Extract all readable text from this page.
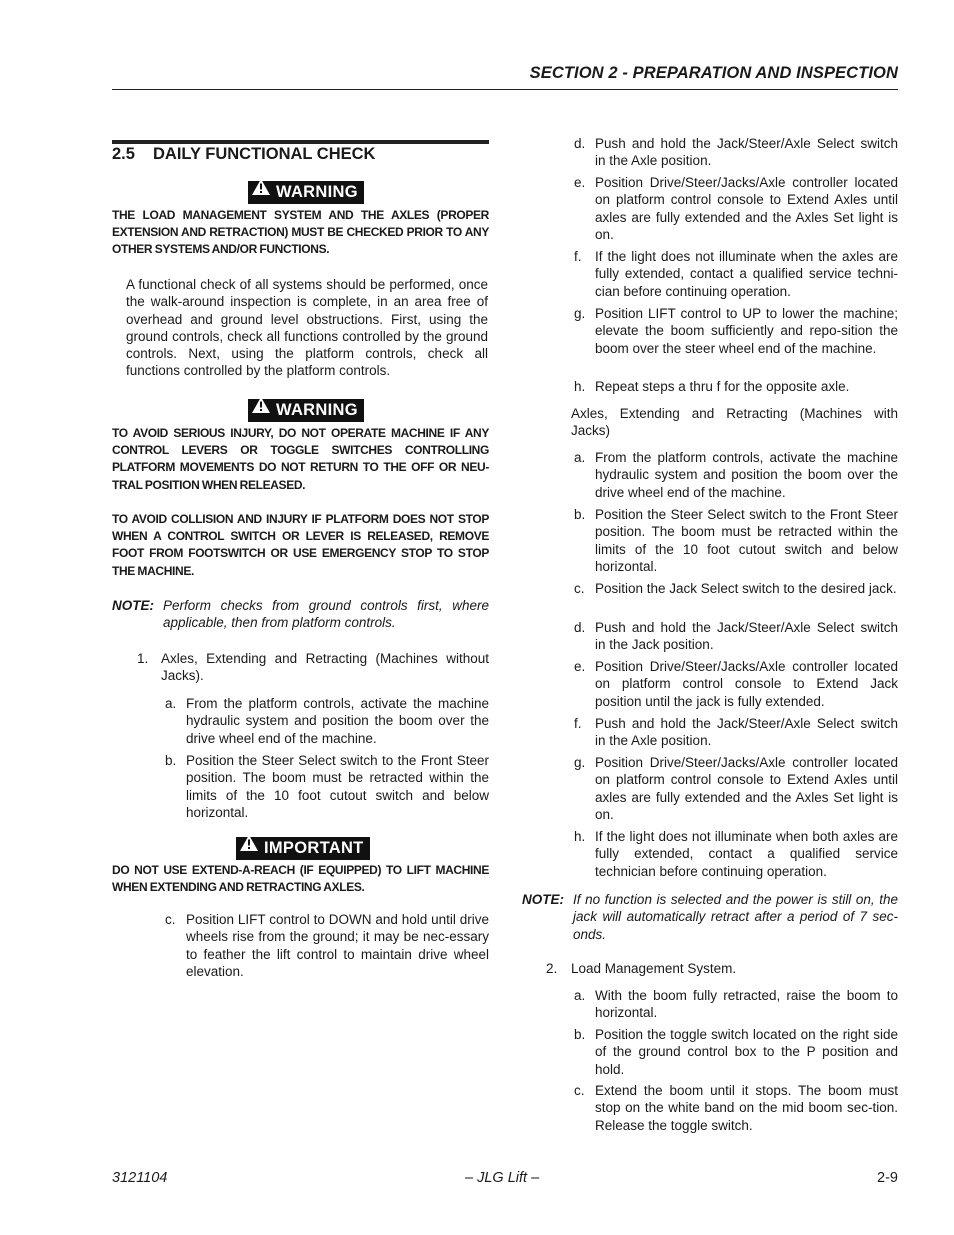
SECTION 2 - PREPARATION AND INSPECTION
2.5 DAILY FUNCTIONAL CHECK
WARNING
THE LOAD MANAGEMENT SYSTEM AND THE AXLES (PROPER EXTENSION AND RETRACTION) MUST BE CHECKED PRIOR TO ANY OTHER SYSTEMS AND/OR FUNCTIONS.
A functional check of all systems should be performed, once the walk-around inspection is complete, in an area free of overhead and ground level obstructions. First, using the ground controls, check all functions controlled by the ground controls. Next, using the platform controls, check all functions controlled by the platform controls.
WARNING
TO AVOID SERIOUS INJURY, DO NOT OPERATE MACHINE IF ANY CONTROL LEVERS OR TOGGLE SWITCHES CONTROLLING PLATFORM MOVEMENTS DO NOT RETURN TO THE OFF OR NEU-TRAL POSITION WHEN RELEASED.
TO AVOID COLLISION AND INJURY IF PLATFORM DOES NOT STOP WHEN A CONTROL SWITCH OR LEVER IS RELEASED, REMOVE FOOT FROM FOOTSWITCH OR USE EMERGENCY STOP TO STOP THE MACHINE.
NOTE: Perform checks from ground controls first, where applicable, then from platform controls.
1. Axles, Extending and Retracting (Machines without Jacks).
a. From the platform controls, activate the machine hydraulic system and position the boom over the drive wheel end of the machine.
b. Position the Steer Select switch to the Front Steer position. The boom must be retracted within the limits of the 10 foot cutout switch and below horizontal.
IMPORTANT
DO NOT USE EXTEND-A-REACH (IF EQUIPPED) TO LIFT MACHINE WHEN EXTENDING AND RETRACTING AXLES.
c. Position LIFT control to DOWN and hold until drive wheels rise from the ground; it may be nec-essary to feather the lift control to maintain drive wheel elevation.
d. Push and hold the Jack/Steer/Axle Select switch in the Axle position.
e. Position Drive/Steer/Jacks/Axle controller located on platform control console to Extend Axles until axles are fully extended and the Axles Set light is on.
f. If the light does not illuminate when the axles are fully extended, contact a qualified service techni-cian before continuing operation.
g. Position LIFT control to UP to lower the machine; elevate the boom sufficiently and repo-sition the boom over the steer wheel end of the machine.
h. Repeat steps a thru f for the opposite axle.
Axles, Extending and Retracting (Machines with Jacks)
a. From the platform controls, activate the machine hydraulic system and position the boom over the drive wheel end of the machine.
b. Position the Steer Select switch to the Front Steer position. The boom must be retracted within the limits of the 10 foot cutout switch and below horizontal.
c. Position the Jack Select switch to the desired jack.
d. Push and hold the Jack/Steer/Axle Select switch in the Jack position.
e. Position Drive/Steer/Jacks/Axle controller located on platform control console to Extend Jack position until the jack is fully extended.
f. Push and hold the Jack/Steer/Axle Select switch in the Axle position.
g. Position Drive/Steer/Jacks/Axle controller located on platform control console to Extend Axles until axles are fully extended and the Axles Set light is on.
h. If the light does not illuminate when both axles are fully extended, contact a qualified service technician before continuing operation.
NOTE: If no function is selected and the power is still on, the jack will automatically retract after a period of 7 sec-onds.
2. Load Management System.
a. With the boom fully retracted, raise the boom to horizontal.
b. Position the toggle switch located on the right side of the ground control box to the P position and hold.
c. Extend the boom until it stops. The boom must stop on the white band on the mid boom sec-tion. Release the toggle switch.
3121104	– JLG Lift –	2-9
